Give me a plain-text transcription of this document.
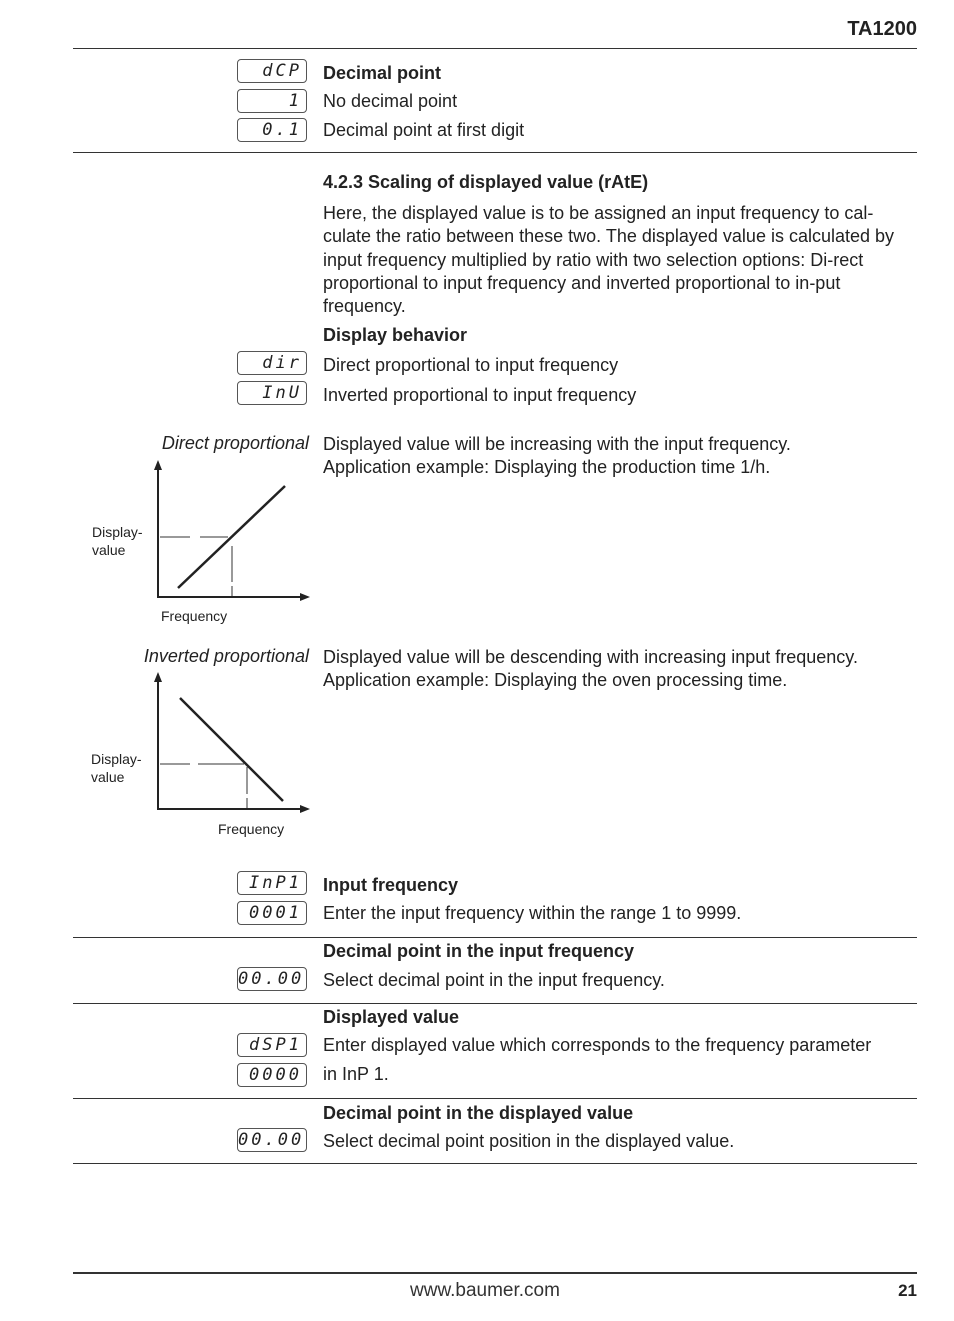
TA1200
dCP Decimal point
1 No decimal point
0.1 Decimal point at first digit
4.2.3 Scaling of displayed value (rAtE)
Here, the displayed value is to be assigned an input frequency to cal-culate the ratio between these two. The displayed value is calculated by input frequency multiplied by ratio with two selection options: Di-rect proportional to input frequency and inverted proportional to in-put frequency.
Display behavior
dir Direct proportional to input frequency
InU Inverted proportional to input frequency
Direct proportional Displayed value will be increasing with the input frequency.
Application example: Displaying the production time 1/h.
Display-
value
Frequency
Inverted proportional Displayed value will be descending with increasing input frequency.
Application example: Displaying the oven processing time.
Display-
value
Frequency
InP1 Input frequency
0001 Enter the input frequency within the range 1 to 9999.
Decimal point in the input frequency
00.00 Select decimal point in the input frequency.
Displayed value
dSP1 Enter displayed value which corresponds to the frequency parameter
0000 in InP 1.
Decimal point in the displayed value
00.00 Select decimal point position in the displayed value.
www.baumer.com	21
